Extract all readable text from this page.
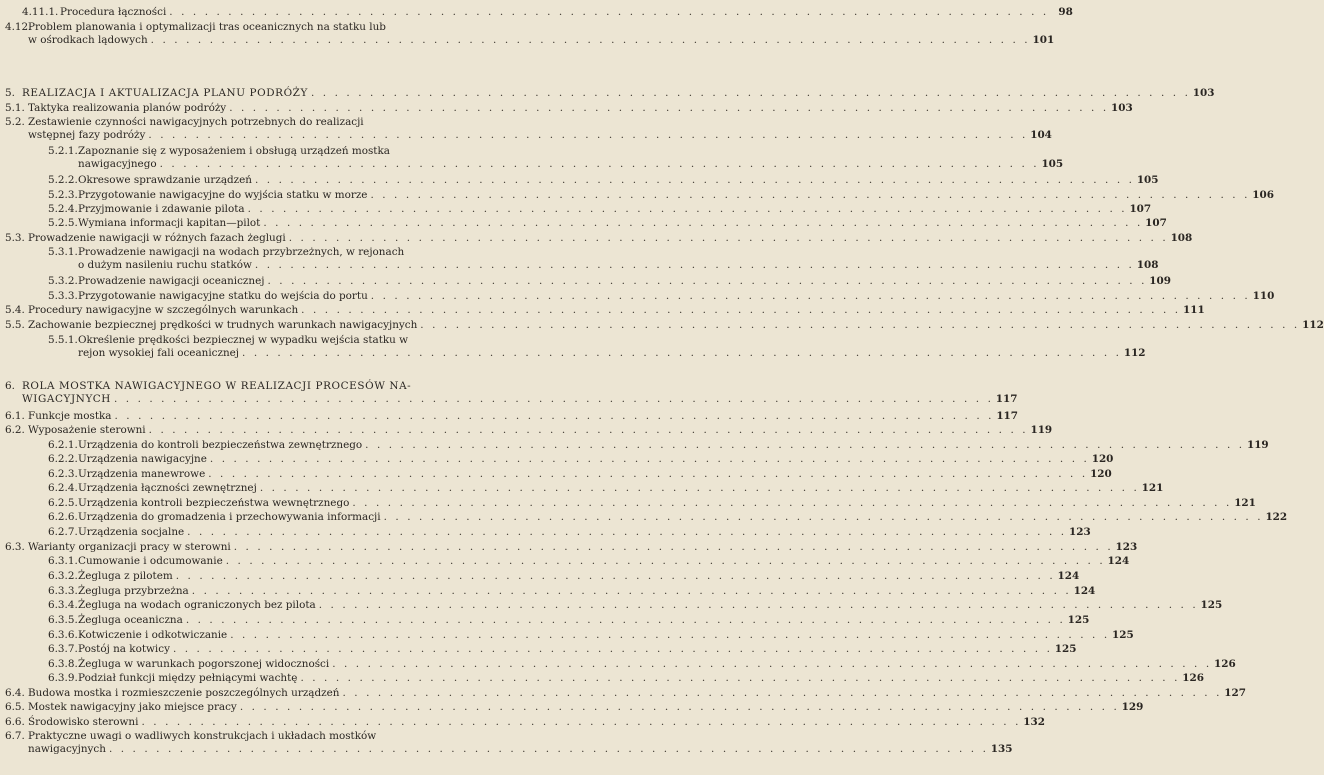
4.11.1. Procedura łączności . . . . . . . . . . . . . . . . . . . . . . . . . . . . . . . . . . . . . . . . . . . . . . . . . . . . . . . . . . . . . . . . . . . . . . . . . . . 98
4.12.
Problem planowania i optymalizacji tras oceanicznych na statku lub
w ośrodkach lądowych . . . . . . . . . . . . . . . . . . . . . . . . . . . . . . . . . . . . . . . . . . . . . . . . . . . . . . . . . . . . . . . . . . . . . . . . . . . 101
5. REALIZACJA I AKTUALIZACJA PLANU PODRÓŻY . . . . . . . . . . . . . . . . . . . . . . . . . . . . . . . . . . . . . . . . . . . . . . . . . . . . . . . . . . . . . . . . . . . . . . . . . . . 103
5.1. Taktyka realizowania planów podróży . . . . . . . . . . . . . . . . . . . . . . . . . . . . . . . . . . . . . . . . . . . . . . . . . . . . . . . . . . . . . . . . . . . . . . . . . . . 103
5.2. Zestawienie czynności nawigacyjnych potrzebnych do realizacji
wstępnej fazy podróży . . . . . . . . . . . . . . . . . . . . . . . . . . . . . . . . . . . . . . . . . . . . . . . . . . . . . . . . . . . . . . . . . . . . . . . . . . . 104
5.2.1. Zapoznanie się z wyposażeniem i obsługą urządzeń mostka
nawigacyjnego . . . . . . . . . . . . . . . . . . . . . . . . . . . . . . . . . . . . . . . . . . . . . . . . . . . . . . . . . . . . . . . . . . . . . . . . . . . 105
5.2.2. Okresowe sprawdzanie urządzeń . . . . . . . . . . . . . . . . . . . . . . . . . . . . . . . . . . . . . . . . . . . . . . . . . . . . . . . . . . . . . . . . . . . . . . . . . . . 105
5.2.3. Przygotowanie nawigacyjne do wyjścia statku w morze . . . . . . . . . . . . . . . . . . . . . . . . . . . . . . . . . . . . . . . . . . . . . . . . . . . . . . . . . . . . . . . . . . . . . . . . . . . 106
5.2.4. Przyjmowanie i zdawanie pilota . . . . . . . . . . . . . . . . . . . . . . . . . . . . . . . . . . . . . . . . . . . . . . . . . . . . . . . . . . . . . . . . . . . . . . . . . . . 107
5.2.5. Wymiana informacji kapitan—pilot . . . . . . . . . . . . . . . . . . . . . . . . . . . . . . . . . . . . . . . . . . . . . . . . . . . . . . . . . . . . . . . . . . . . . . . . . . . 107
5.3. Prowadzenie nawigacji w różnych fazach żeglugi . . . . . . . . . . . . . . . . . . . . . . . . . . . . . . . . . . . . . . . . . . . . . . . . . . . . . . . . . . . . . . . . . . . . . . . . . . . 108
5.3.1. Prowadzenie nawigacji na wodach przybrzeżnych, w rejonach
o dużym nasileniu ruchu statków . . . . . . . . . . . . . . . . . . . . . . . . . . . . . . . . . . . . . . . . . . . . . . . . . . . . . . . . . . . . . . . . . . . . . . . . . . . 108
5.3.2. Prowadzenie nawigacji oceanicznej . . . . . . . . . . . . . . . . . . . . . . . . . . . . . . . . . . . . . . . . . . . . . . . . . . . . . . . . . . . . . . . . . . . . . . . . . . . 109
5.3.3. Przygotowanie nawigacyjne statku do wejścia do portu . . . . . . . . . . . . . . . . . . . . . . . . . . . . . . . . . . . . . . . . . . . . . . . . . . . . . . . . . . . . . . . . . . . . . . . . . . . 110
5.4. Procedury nawigacyjne w szczególnych warunkach . . . . . . . . . . . . . . . . . . . . . . . . . . . . . . . . . . . . . . . . . . . . . . . . . . . . . . . . . . . . . . . . . . . . . . . . . . . 111
5.5. Zachowanie bezpiecznej prędkości w trudnych warunkach nawigacyjnych . . . . . . . . . . . . . . . . . . . . . . . . . . . . . . . . . . . . . . . . . . . . . . . . . . . . . . . . . . . . . . . . . . . . . . . . . . . 112
5.5.1. Określenie prędkości bezpiecznej w wypadku wejścia statku w
rejon wysokiej fali oceanicznej . . . . . . . . . . . . . . . . . . . . . . . . . . . . . . . . . . . . . . . . . . . . . . . . . . . . . . . . . . . . . . . . . . . . . . . . . . . 112
6. ROLA MOSTKA NAWIGACYJNEGO W REALIZACJI PROCESÓW NA-
WIGACYJNYCH . . . . . . . . . . . . . . . . . . . . . . . . . . . . . . . . . . . . . . . . . . . . . . . . . . . . . . . . . . . . . . . . . . . . . . . . . . . 117
6.1. Funkcje mostka . . . . . . . . . . . . . . . . . . . . . . . . . . . . . . . . . . . . . . . . . . . . . . . . . . . . . . . . . . . . . . . . . . . . . . . . . . . 117
6.2. Wyposażenie sterowni . . . . . . . . . . . . . . . . . . . . . . . . . . . . . . . . . . . . . . . . . . . . . . . . . . . . . . . . . . . . . . . . . . . . . . . . . . . 119
6.2.1. Urządzenia do kontroli bezpieczeństwa zewnętrznego . . . . . . . . . . . . . . . . . . . . . . . . . . . . . . . . . . . . . . . . . . . . . . . . . . . . . . . . . . . . . . . . . . . . . . . . . . . 119
6.2.2. Urządzenia nawigacyjne . . . . . . . . . . . . . . . . . . . . . . . . . . . . . . . . . . . . . . . . . . . . . . . . . . . . . . . . . . . . . . . . . . . . . . . . . . . 120
6.2.3. Urządzenia manewrowe . . . . . . . . . . . . . . . . . . . . . . . . . . . . . . . . . . . . . . . . . . . . . . . . . . . . . . . . . . . . . . . . . . . . . . . . . . . 120
6.2.4. Urządzenia łączności zewnętrznej . . . . . . . . . . . . . . . . . . . . . . . . . . . . . . . . . . . . . . . . . . . . . . . . . . . . . . . . . . . . . . . . . . . . . . . . . . . 121
6.2.5. Urządzenia kontroli bezpieczeństwa wewnętrznego . . . . . . . . . . . . . . . . . . . . . . . . . . . . . . . . . . . . . . . . . . . . . . . . . . . . . . . . . . . . . . . . . . . . . . . . . . . 121
6.2.6. Urządzenia do gromadzenia i przechowywania informacji . . . . . . . . . . . . . . . . . . . . . . . . . . . . . . . . . . . . . . . . . . . . . . . . . . . . . . . . . . . . . . . . . . . . . . . . . . . 122
6.2.7. Urządzenia socjalne . . . . . . . . . . . . . . . . . . . . . . . . . . . . . . . . . . . . . . . . . . . . . . . . . . . . . . . . . . . . . . . . . . . . . . . . . . . 123
6.3. Warianty organizacji pracy w sterowni . . . . . . . . . . . . . . . . . . . . . . . . . . . . . . . . . . . . . . . . . . . . . . . . . . . . . . . . . . . . . . . . . . . . . . . . . . . 123
6.3.1. Cumowanie i odcumowanie . . . . . . . . . . . . . . . . . . . . . . . . . . . . . . . . . . . . . . . . . . . . . . . . . . . . . . . . . . . . . . . . . . . . . . . . . . . 124
6.3.2. Żegluga z pilotem . . . . . . . . . . . . . . . . . . . . . . . . . . . . . . . . . . . . . . . . . . . . . . . . . . . . . . . . . . . . . . . . . . . . . . . . . . . 124
6.3.3. Żegluga przybrzeżna . . . . . . . . . . . . . . . . . . . . . . . . . . . . . . . . . . . . . . . . . . . . . . . . . . . . . . . . . . . . . . . . . . . . . . . . . . . 124
6.3.4. Żegluga na wodach ograniczonych bez pilota . . . . . . . . . . . . . . . . . . . . . . . . . . . . . . . . . . . . . . . . . . . . . . . . . . . . . . . . . . . . . . . . . . . . . . . . . . . 125
6.3.5. Żegluga oceaniczna . . . . . . . . . . . . . . . . . . . . . . . . . . . . . . . . . . . . . . . . . . . . . . . . . . . . . . . . . . . . . . . . . . . . . . . . . . . 125
6.3.6. Kotwiczenie i odkotwiczanie . . . . . . . . . . . . . . . . . . . . . . . . . . . . . . . . . . . . . . . . . . . . . . . . . . . . . . . . . . . . . . . . . . . . . . . . . . . 125
6.3.7. Postój na kotwicy . . . . . . . . . . . . . . . . . . . . . . . . . . . . . . . . . . . . . . . . . . . . . . . . . . . . . . . . . . . . . . . . . . . . . . . . . . . 125
6.3.8. Żegluga w warunkach pogorszonej widoczności . . . . . . . . . . . . . . . . . . . . . . . . . . . . . . . . . . . . . . . . . . . . . . . . . . . . . . . . . . . . . . . . . . . . . . . . . . . 126
6.3.9. Podział funkcji między pełniącymi wachtę . . . . . . . . . . . . . . . . . . . . . . . . . . . . . . . . . . . . . . . . . . . . . . . . . . . . . . . . . . . . . . . . . . . . . . . . . . . 126
6.4. Budowa mostka i rozmieszczenie poszczególnych urządzeń . . . . . . . . . . . . . . . . . . . . . . . . . . . . . . . . . . . . . . . . . . . . . . . . . . . . . . . . . . . . . . . . . . . . . . . . . . . 127
6.5. Mostek nawigacyjny jako miejsce pracy . . . . . . . . . . . . . . . . . . . . . . . . . . . . . . . . . . . . . . . . . . . . . . . . . . . . . . . . . . . . . . . . . . . . . . . . . . . 129
6.6. Środowisko sterowni . . . . . . . . . . . . . . . . . . . . . . . . . . . . . . . . . . . . . . . . . . . . . . . . . . . . . . . . . . . . . . . . . . . . . . . . . . . 132
6.7. Praktyczne uwagi o wadliwych konstrukcjach i układach mostków
nawigacyjnych . . . . . . . . . . . . . . . . . . . . . . . . . . . . . . . . . . . . . . . . . . . . . . . . . . . . . . . . . . . . . . . . . . . . . . . . . . . 135
